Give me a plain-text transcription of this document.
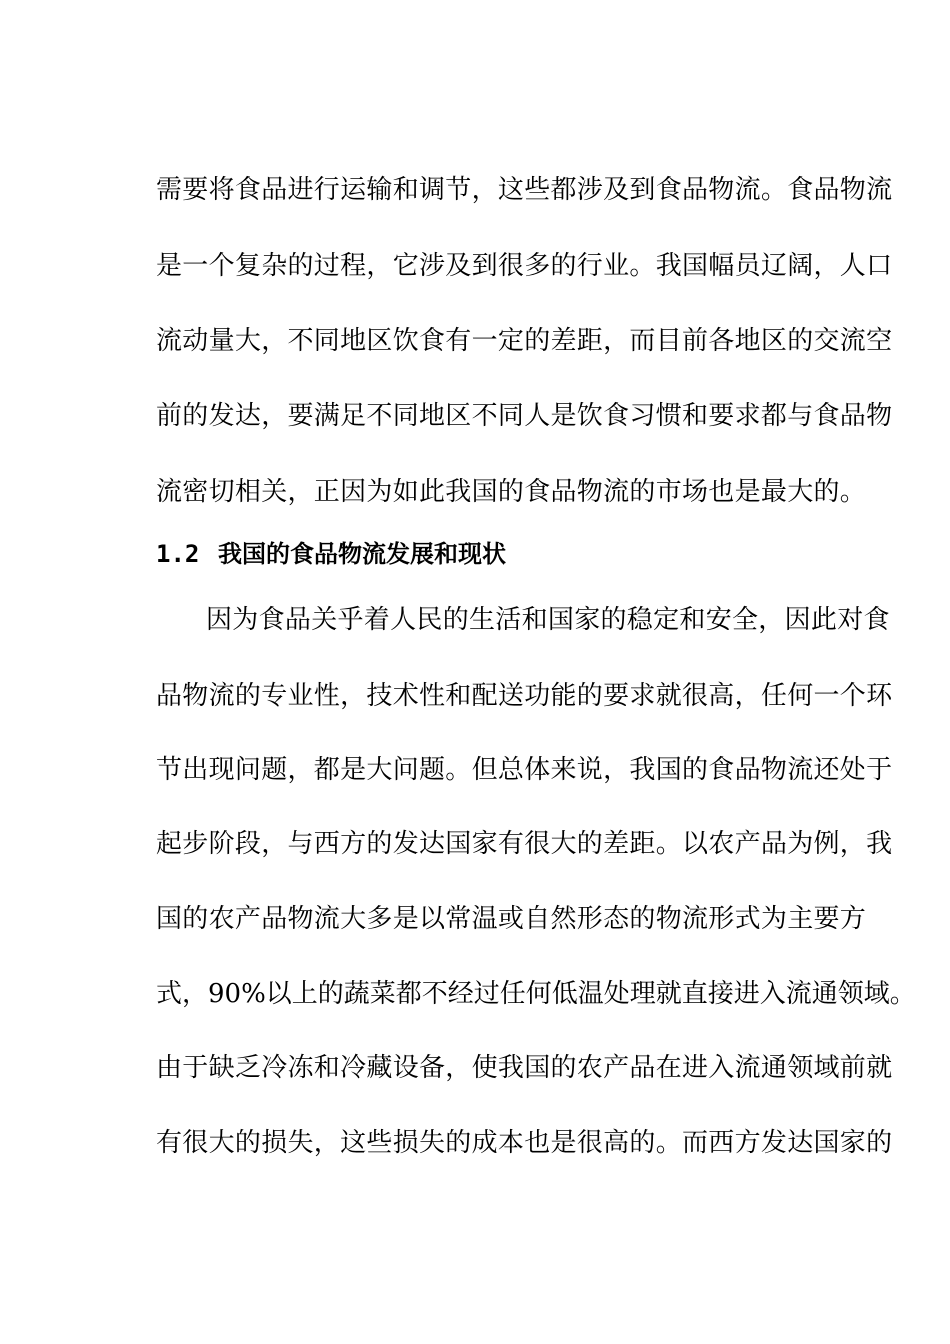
需要将食品进行运输和调节，这些都涉及到食品物流。食品物流
是一个复杂的过程，它涉及到很多的行业。我国幅员辽阔，人口
流动量大，不同地区饮食有一定的差距，而目前各地区的交流空
前的发达，要满足不同地区不同人是饮食习惯和要求都与食品物
流密切相关，正因为如此我国的食品物流的市场也是最大的。
1.2 我国的食品物流发展和现状
因为食品关乎着人民的生活和国家的稳定和安全，因此对食
品物流的专业性，技术性和配送功能的要求就很高，任何一个环
节出现问题，都是大问题。但总体来说，我国的食品物流还处于
起步阶段，与西方的发达国家有很大的差距。以农产品为例，我
国的农产品物流大多是以常温或自然形态的物流形式为主要方
式，90%以上的蔬菜都不经过任何低温处理就直接进入流通领域。
由于缺乏冷冻和冷藏设备，使我国的农产品在进入流通领域前就
有很大的损失，这些损失的成本也是很高的。而西方发达国家的
